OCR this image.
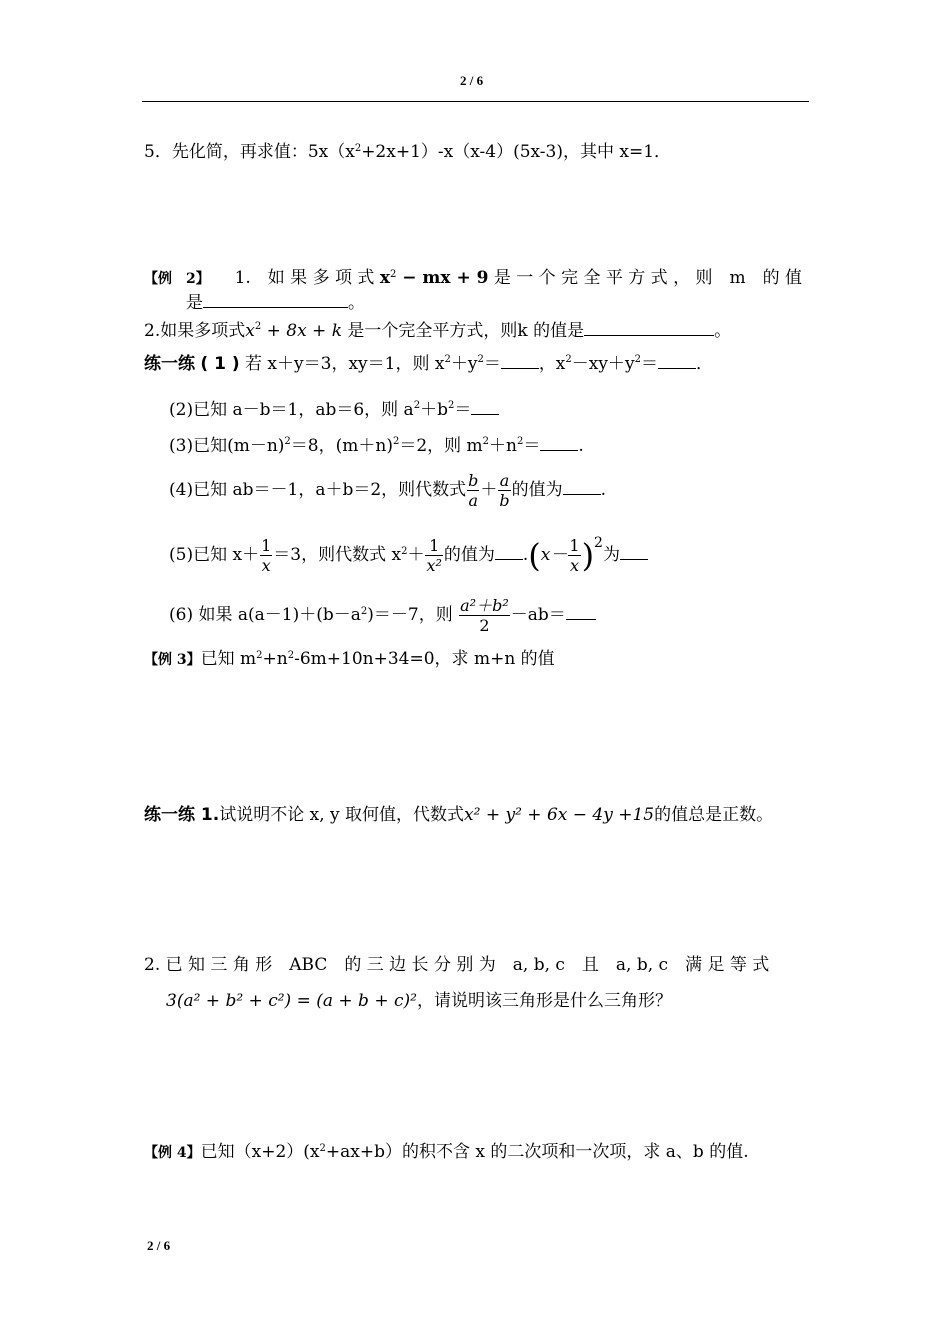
2 / 6
5．先化简，再求值：$5x(x^2+2x+1)-x(x-4)(5x-3)$，其中 x=1．
【例　2】 1.　如 果 多 项 式 $x^2$ − mx + 9 是 一 个 完 全 平 方 式 ， 则　m　的 值
是	。
2.如果多项式$x^2 + 8x + k$ 是一个完全平方式，则k 的值是	。
练一练 ( 1 ) 若 x＋y＝3，xy＝1，则 $x^2+y^2=$ ，$x^2-xy+y^2=$ ．
(2)已知 a－b＝1，ab＝6，则 $a^2+b^2=$
(3)已知$(m-n)^2=8$，$(m+n)^2=2$，则 $m^2+n^2=$ .
(4)已知 ab＝－1，a＋b＝2，则代数式 $\frac{b}{a} + \frac{a}{b}$ 的值为 .
(5)已知 $x+ \frac{1}{x} =3$，则代数式 $x^2+ \frac{1}{\text{x²}}$ 的值为 $.(x- \frac{1}{x} )^2$为
(6) 如果 $a(a-1)+(b-a^2)=-7$，则 $\frac{\text{a²＋b²}}{2} -ab=$
【例 3】已知 $m^2+n^2-6m+10n+34=0$，求 m+n 的值
练一练 1.试说明不论 x, y 取何值，代数式x² + y² + 6x − 4y +15的值总是正数。
2. 已 知 三 角 形　ABC　的 三 边 长 分 别 为　a, b, c　且　a, b, c　满 足 等 式
3(a² + b² + c²) = (a + b + c)²，请说明该三角形是什么三角形？
【例 4】已知$(x+2)(x^2+ax+b)$的积不含 x 的二次项和一次项，求 a、b 的值.
2 / 6
